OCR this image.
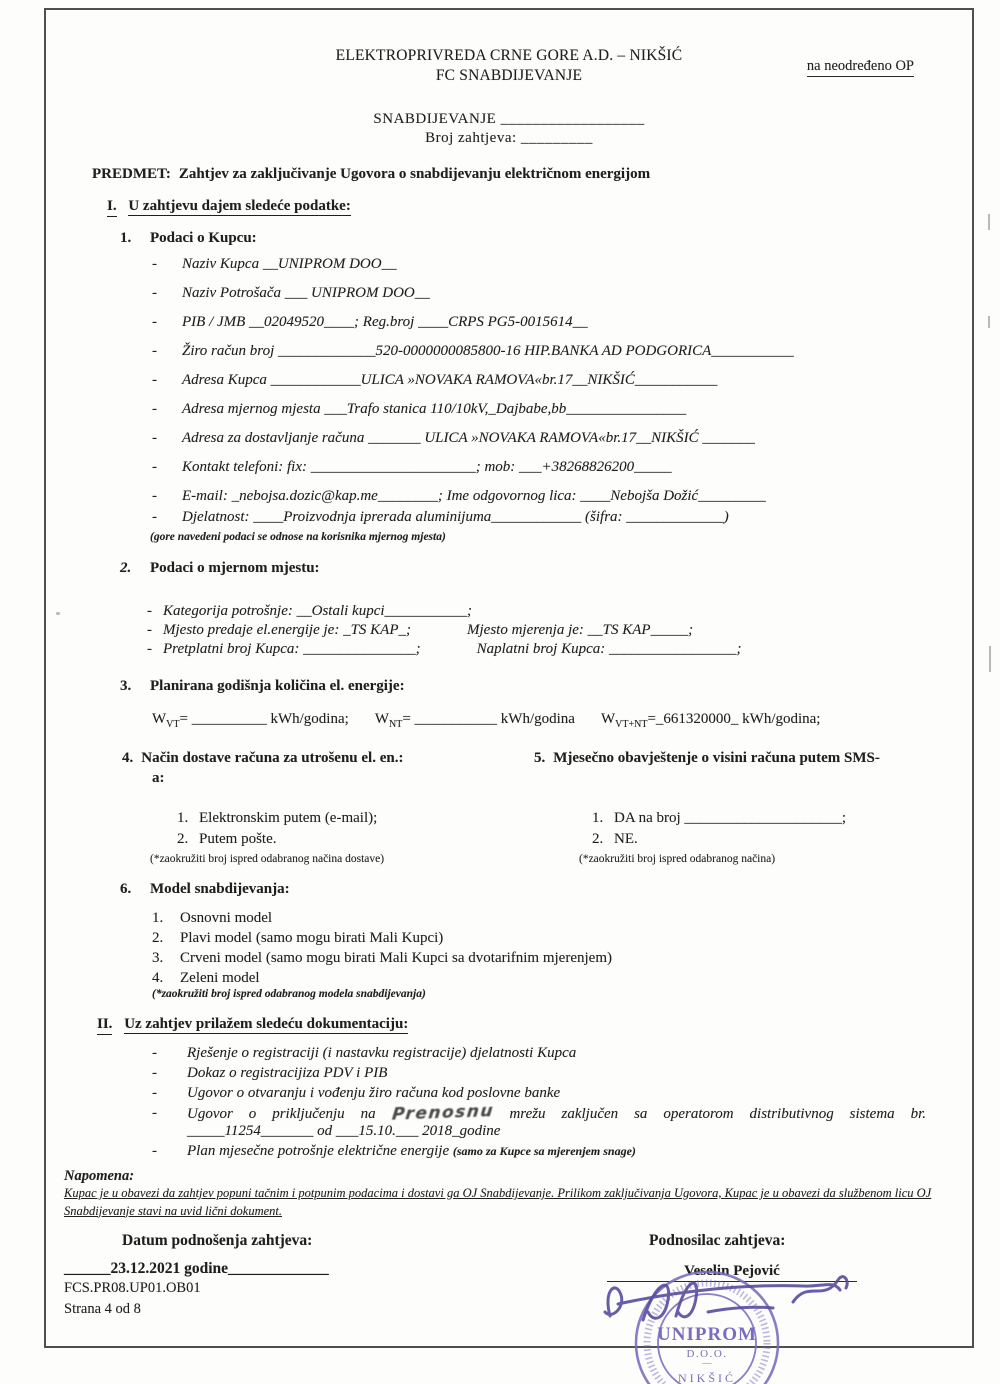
ELEKTROPRIVREDA CRNE GORE A.D. – NIKŠIĆ
FC SNABDIJEVANJE
na neodređeno OP
SNABDIJEVANJE __________________
Broj zahtjeva: _________
PREDMET: Zahtjev za zaključivanje Ugovora o snabdijevanju električnom energijom
I. U zahtjevu dajem sledeće podatke:
1. Podaci o Kupcu:
-	Naziv Kupca __UNIPROM DOO__
-	Naziv Potrošača ___ UNIPROM DOO__
-	PIB / JMB __02049520____; Reg.broj ____CRPS PG5-0015614__
-	Žiro račun broj _____________520-0000000085800-16 HIP.BANKA AD PODGORICA___________
-	Adresa Kupca ____________ULICA »NOVAKA RAMOVA«br.17__NIKŠIĆ___________
-	Adresa mjernog mjesta ___Trafo stanica 110/10kV,_Dajbabe,bb________________
-	Adresa za dostavljanje računa _______ ULICA »NOVAKA RAMOVA«br.17__NIKŠIĆ _______
-	Kontakt telefoni: fix: ______________________; mob: ___+38268826200_____
-	E-mail: _nebojsa.dozic@kap.me________; Ime odgovornog lica: ____Nebojša Dožić_________
-	Djelatnost: ____Proizvodnja iprerada aluminijuma____________ (šifra: _____________)
(gore navedeni podaci se odnose na korisnika mjernog mjesta)
2. Podaci o mjernom mjestu:
- Kategorija potrošnje: __Ostali kupci___________;
- Mjesto predaje el.energije je: _TS KAP_;	Mjesto mjerenja je: __TS KAP_____;
- Pretplatni broj Kupca: _______________;	Naplatni broj Kupca: _________________;
3. Planirana godišnja količina el. energije:
$W_{VT}=$ __________ kWh/godina; $W_{NT}=$ ___________ kWh/godina $W_{VT+NT}=\_661320000\_$ kWh/godina;
4. Način dostave računa za utrošenu el. en.:
a:
1. Elektronskim putem (e-mail);
2. Putem pošte.
(*zaokružiti broj ispred odabranog načina dostave)
5. Mjesečno obavještenje o visini računa putem SMS-
1. DA na broj _____________________;
2. NE.
(*zaokružiti broj ispred odabranog načina)
6. Model snabdijevanja:
1. Osnovni model
2. Plavi model (samo mogu birati Mali Kupci)
3. Crveni model (samo mogu birati Mali Kupci sa dvotarifnim mjerenjem)
4. Zeleni model
(*zaokružiti broj ispred odabranog modela snabdijevanja)
II. Uz zahtjev prilažem sledeću dokumentaciju:
-	Rješenje o registraciji (i nastavku registracije) djelatnosti Kupca
-	Dokaz o registracijiza PDV i PIB
-	Ugovor o otvaranju i vođenju žiro računa kod poslovne banke
-	Ugovor o priključenju na Prenosnu mrežu zaključen sa operatorom distributivnog sistema br.
_____11254_______ od ___15.10.___ 2018_godine
-	Plan mjesečne potrošnje električne energije (samo za Kupce sa mjerenjem snage)
Napomena:
Kupac je u obavezi da zahtjev popuni tačnim i potpunim podacima i dostavi ga OJ Snabdijevanje. Prilikom zaključivanja Ugovora, Kupac je u obavezi da službenom licu OJ Snabdijevanje stavi na uvid lični dokument.
Datum podnošenja zahtjeva:
______23.12.2021 godine_____________
FCS.PR08.UP01.OB01
Strana 4 od 8
Podnosilac zahtjeva:
Veselin Pejović
UNIPROM
D.O.O.
—
NIKŠIĆ
